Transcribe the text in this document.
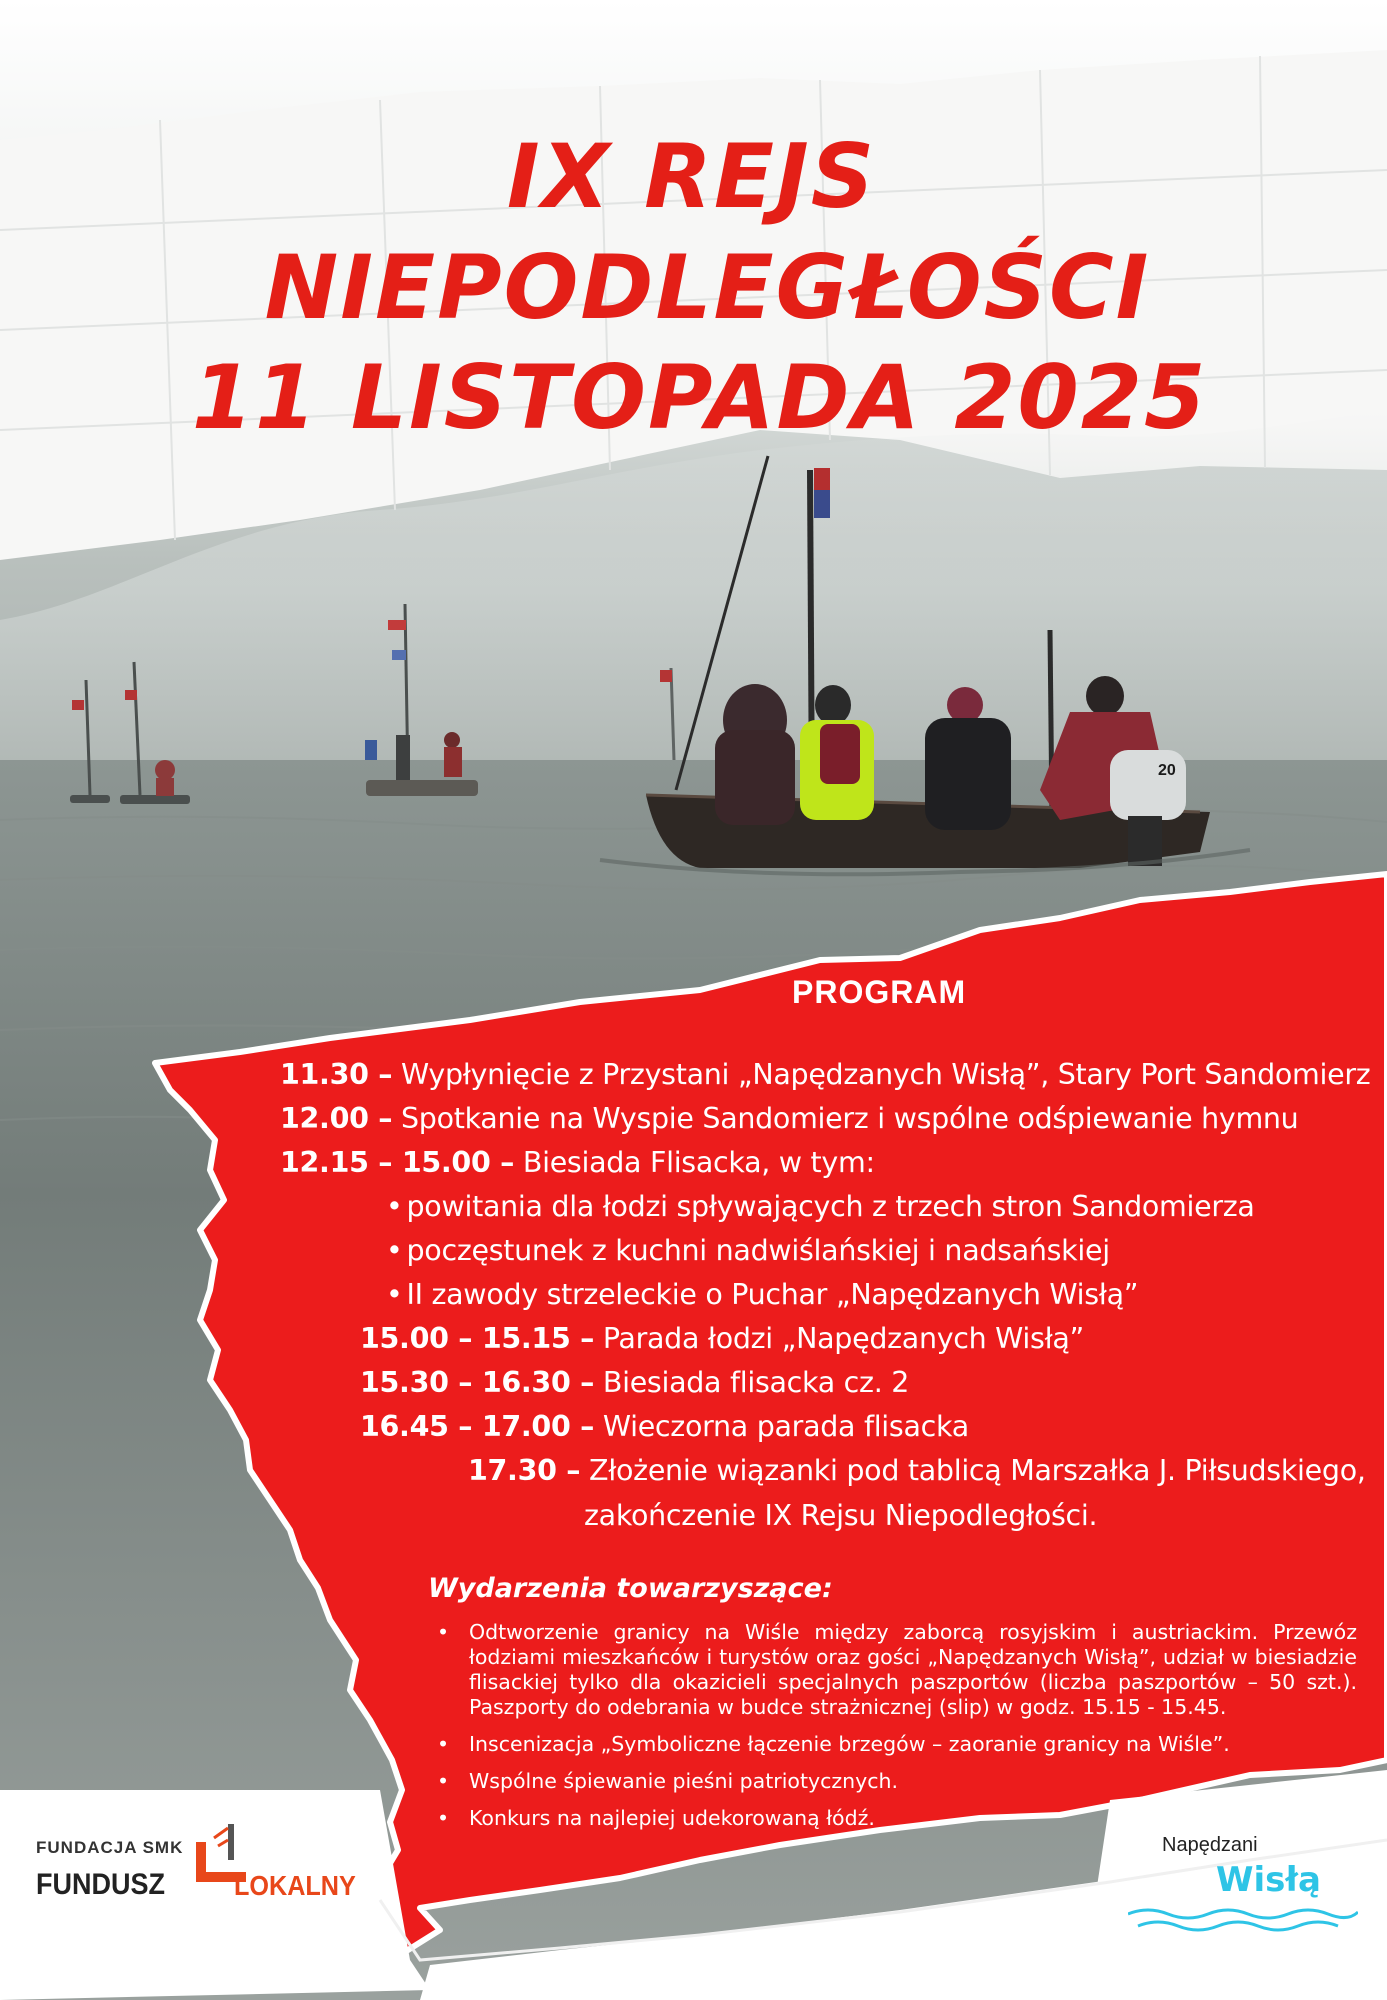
20
IX REJS
NIEPODLEGŁOŚCI
11 LISTOPADA 2025
PROGRAM
11.30 – Wypłynięcie z Przystani „Napędzanych Wisłą”, Stary Port Sandomierz
12.00 – Spotkanie na Wyspie Sandomierz i wspólne odśpiewanie hymnu
12.15 – 15.00 – Biesiada Flisacka, w tym:
• powitania dla łodzi spływających z trzech stron Sandomierza
• poczęstunek z kuchni nadwiślańskiej i nadsańskiej
• II zawody strzeleckie o Puchar „Napędzanych Wisłą”
15.00 – 15.15 – Parada łodzi „Napędzanych Wisłą”
15.30 – 16.30 – Biesiada flisacka cz. 2
16.45 – 17.00 – Wieczorna parada flisacka
17.30 – Złożenie wiązanki pod tablicą Marszałka J. Piłsudskiego,
zakończenie IX Rejsu Niepodległości.
Wydarzenia towarzyszące:
• Odtworzenie granicy na Wiśle między zaborcą rosyjskim i austriackim. Przewóz łodziami mieszkańców i turystów oraz gości „Napędzanych Wisłą”, udział w biesiadzie flisackiej tylko dla okazicieli specjalnych paszportów (liczba paszportów – 50 szt.). Paszporty do odebrania w budce strażnicznej (slip) w godz. 15.15 - 15.45.
• Inscenizacja „Symboliczne łączenie brzegów – zaoranie granicy na Wiśle”.
• Wspólne śpiewanie pieśni patriotycznych.
• Konkurs na najlepiej udekorowaną łódź.
FUNDACJA SMK
FUNDUSZ LOKALNY
Napędzani
Wisłą
